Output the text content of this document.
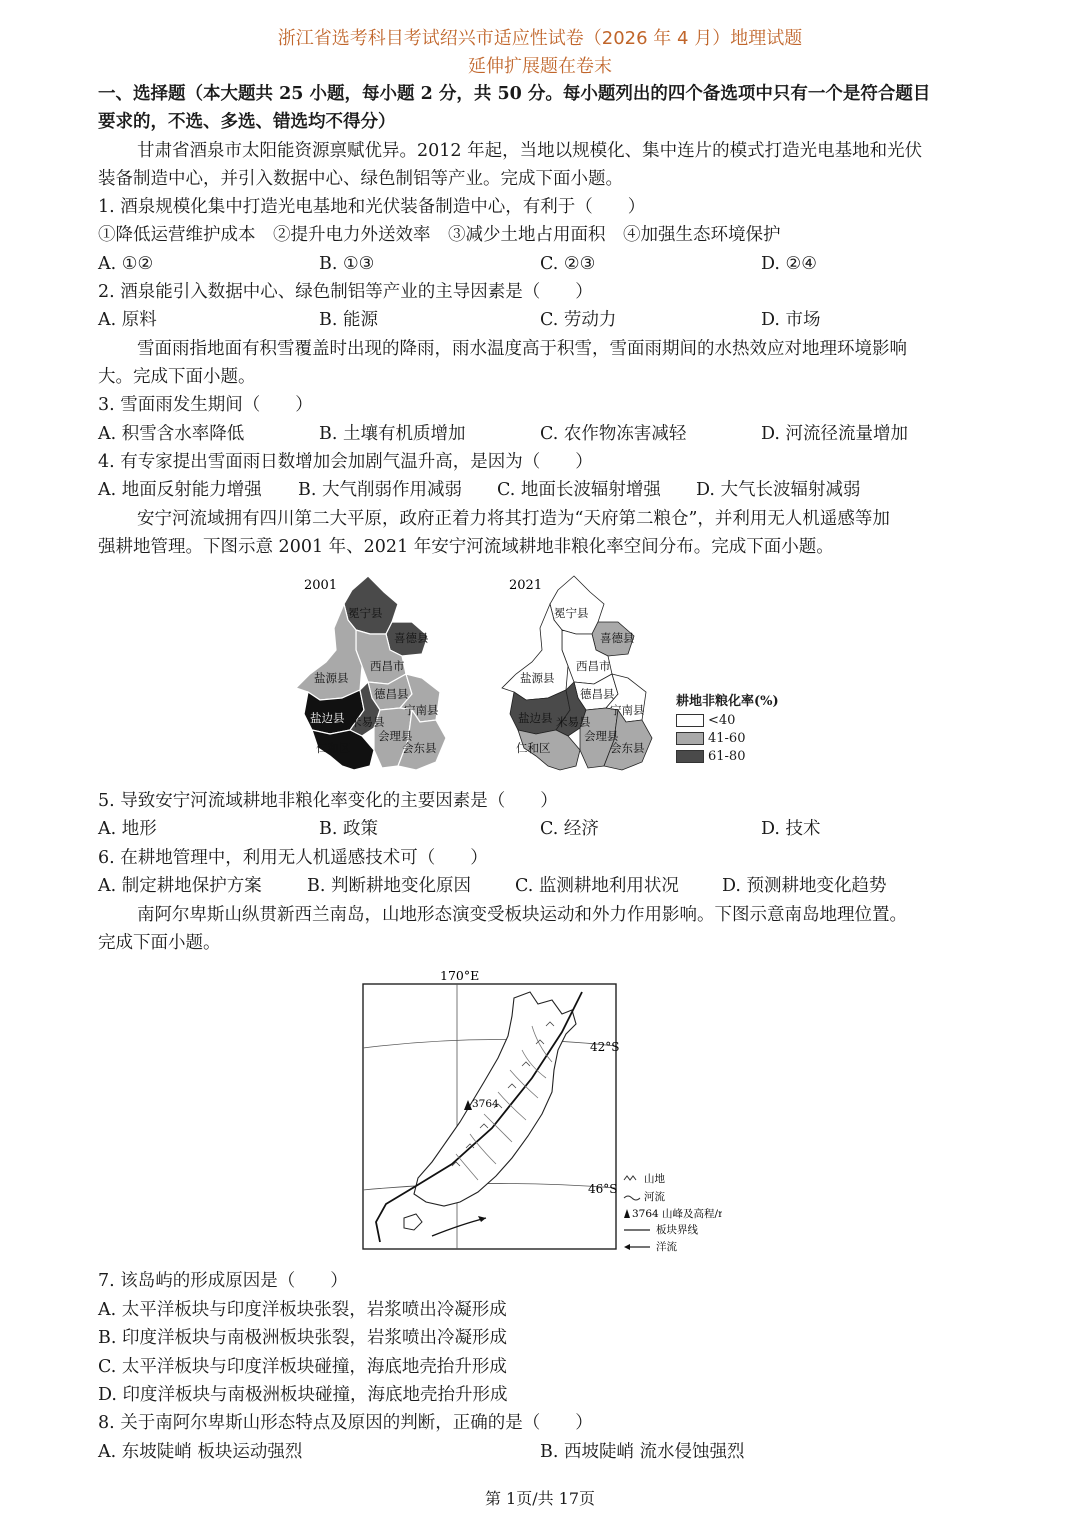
浙江省选考科目考试绍兴市适应性试卷（2026 年 4 月）地理试题
延伸扩展题在卷末
一、选择题（本大题共 25 小题，每小题 2 分，共 50 分。每小题列出的四个备选项中只有一个是符合题目
要求的，不选、多选、错选均不得分）
甘肃省酒泉市太阳能资源禀赋优异。2012 年起，当地以规模化、集中连片的模式打造光电基地和光伏
装备制造中心，并引入数据中心、绿色制铝等产业。完成下面小题。
1. 酒泉规模化集中打造光电基地和光伏装备制造中心，有利于（　　）
①降低运营维护成本　②提升电力外送效率　③减少土地占用面积　④加强生态环境保护
A. ①②	B. ①③	C. ②③	D. ②④
2. 酒泉能引入数据中心、绿色制铝等产业的主导因素是（　　）
A. 原料	B. 能源	C. 劳动力	D. 市场
雪面雨指地面有积雪覆盖时出现的降雨，雨水温度高于积雪，雪面雨期间的水热效应对地理环境影响
大。完成下面小题。
3. 雪面雨发生期间（　　）
A. 积雪含水率降低	B. 土壤有机质增加	C. 农作物冻害减轻	D. 河流径流量增加
4. 有专家提出雪面雨日数增加会加剧气温升高，是因为（　　）
A. 地面反射能力增强 B. 大气削弱作用减弱 C. 地面长波辐射增强 D. 大气长波辐射减弱
安宁河流域拥有四川第二大平原，政府正着力将其打造为“天府第二粮仓”，并利用无人机遥感等加
强耕地管理。下图示意 2001 年、2021 年安宁河流域耕地非粮化率空间分布。完成下面小题。
2001	2021
冕宁县
喜德县
西昌市
盐源县
德昌县
宁南县
盐边县 米易县
会理县
仁和区	会东县
冕宁县
喜德县
西昌市
盐源县
德昌县
宁南县
盐边县 米易县
会理县
仁和区	会东县
耕地非粮化率(%)
<40
41-60
61-80
5. 导致安宁河流域耕地非粮化率变化的主要因素是（　　）
A. 地形	B. 政策	C. 经济	D. 技术
6. 在耕地管理中，利用无人机遥感技术可（　　）
A. 制定耕地保护方案	B. 判断耕地变化原因	C. 监测耕地利用状况 D. 预测耕地变化趋势
南阿尔卑斯山纵贯新西兰南岛，山地形态演变受板块运动和外力作用影响。下图示意南岛地理位置。
完成下面小题。
170°E
42°S
46°S
3764
山地
河流
3764 山峰及高程/m
板块界线
洋流
7. 该岛屿的形成原因是（　　）
A. 太平洋板块与印度洋板块张裂，岩浆喷出冷凝形成
B. 印度洋板块与南极洲板块张裂，岩浆喷出冷凝形成
C. 太平洋板块与印度洋板块碰撞，海底地壳抬升形成
D. 印度洋板块与南极洲板块碰撞，海底地壳抬升形成
8. 关于南阿尔卑斯山形态特点及原因的判断，正确的是（　　）
A. 东坡陡峭 板块运动强烈	B. 西坡陡峭 流水侵蚀强烈
第 1页/共 17页
